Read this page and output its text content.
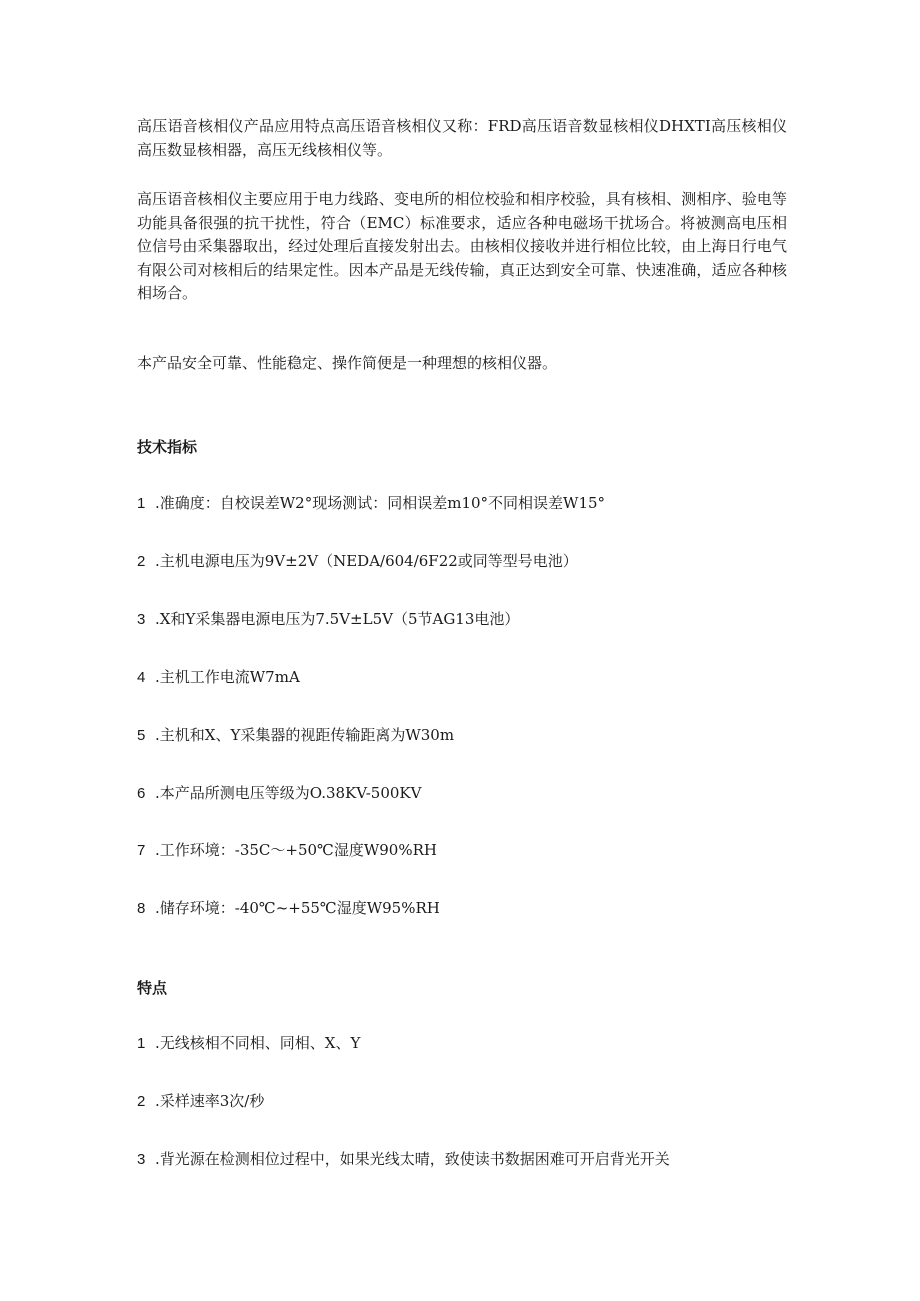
高压语音核相仪产品应用特点高压语音核相仪又称：FRD高压语音数显核相仪DHXTI高压核相仪高压数显核相器，高压无线核相仪等。

高压语音核相仪主要应用于电力线路、变电所的相位校验和相序校验，具有核相、测相序、验电等功能具备很强的抗干扰性，符合（EMC）标准要求，适应各种电磁场干扰场合。将被测高电压相位信号由采集器取出，经过处理后直接发射出去。由核相仪接收并进行相位比较，由上海日行电气有限公司对核相后的结果定性。因本产品是无线传输，真正达到安全可靠、快速准确，适应各种核相场合。

本产品安全可靠、性能稳定、操作简便是一种理想的核相仪器。

技术指标
1 .准确度：自校误差W2°现场测试：同相误差m10°不同相误差W15°
2 .主机电源电压为9V±2V（NEDA/604/6F22或同等型号电池）
3 .X和Y采集器电源电压为7.5V±L5V（5节AG13电池）
4 .主机工作电流W7mA
5 .主机和X、Y采集器的视距传输距离为W30m
6 .本产品所测电压等级为O.38KV-500KV
7 .工作环境：-35C～+50℃湿度W90%RH
8 .储存环境：-40℃~+55℃湿度W95%RH
特点
1 .无线核相不同相、同相、X、Y
2 .采样速率3次/秒
3 .背光源在检测相位过程中，如果光线太晴，致使读书数据困难可开启背光开关
